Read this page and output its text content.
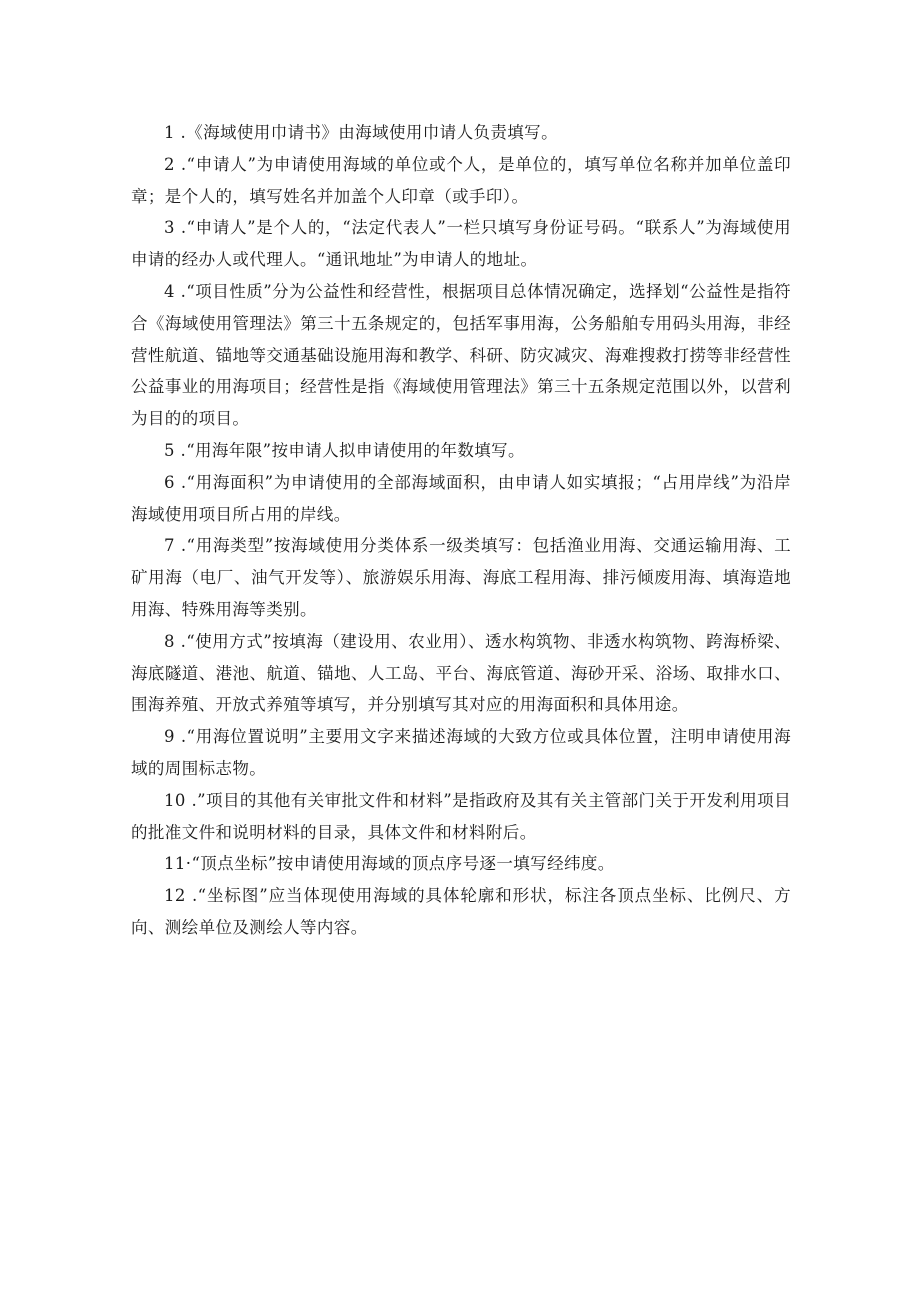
1 .《海域使用巾请书》由海域使用巾请人负责填写。

2 .“申请人”为申请使用海域的单位或个人，是单位的，填写单位名称并加单位盖印章；是个人的，填写姓名并加盖个人印章（或手印）。

3 .“申请人”是个人的，“法定代表人”一栏只填写身份证号码。“联系人”为海域使用申请的经办人或代理人。“通讯地址”为申请人的地址。

4 .“项目性质”分为公益性和经营性，根据项目总体情况确定，选择划“公益性是指符合《海域使用管理法》第三十五条规定的，包括军事用海，公务船舶专用码头用海，非经营性航道、锚地等交通基础设施用海和教学、科研、防灾减灾、海难搜救打捞等非经营性公益事业的用海项目；经营性是指《海域使用管理法》第三十五条规定范围以外，以营利为目的的项目。

5 .“用海年限”按申请人拟申请使用的年数填写。

6 .“用海面积”为申请使用的全部海域面积，由申请人如实填报；“占用岸线”为沿岸海域使用项目所占用的岸线。

7 .“用海类型”按海域使用分类体系一级类填写：包括渔业用海、交通运输用海、工矿用海（电厂、油气开发等）、旅游娱乐用海、海底工程用海、排污倾废用海、填海造地用海、特殊用海等类别。

8 .“使用方式”按填海（建设用、农业用）、透水构筑物、非透水构筑物、跨海桥梁、海底隧道、港池、航道、锚地、人工岛、平台、海底管道、海砂开采、浴场、取排水口、围海养殖、开放式养殖等填写，并分别填写其对应的用海面积和具体用途。

9 .“用海位置说明”主要用文字来描述海域的大致方位或具体位置，注明申请使用海域的周围标志物。

10 .”项目的其他有关审批文件和材料”是指政府及其有关主管部门关于开发利用项目的批准文件和说明材料的目录，具体文件和材料附后。

11·“顶点坐标”按申请使用海域的顶点序号逐一填写经纬度。

12 .“坐标图”应当体现使用海域的具体轮廓和形状，标注各顶点坐标、比例尺、方向、测绘单位及测绘人等内容。
